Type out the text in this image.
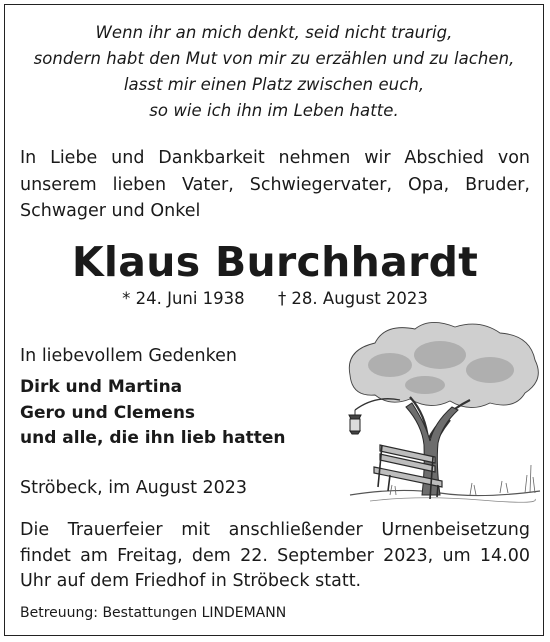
Wenn ihr an mich denkt, seid nicht traurig,
sondern habt den Mut von mir zu erzählen und zu lachen,
lasst mir einen Platz zwischen euch,
so wie ich ihn im Leben hatte.
In Liebe und Dankbarkeit nehmen wir Abschied von unserem lieben Vater, Schwiegervater, Opa, Bruder, Schwager und Onkel
Klaus Burchhardt
* 24. Juni 1938 † 28. August 2023
In liebevollem Gedenken
Dirk und Martina
Gero und Clemens
und alle, die ihn lieb hatten
Ströbeck, im August 2023
Die Trauerfeier mit anschließender Urnenbeisetzung findet am Freitag, dem 22. September 2023, um 14.00 Uhr auf dem Friedhof in Ströbeck statt.
Betreuung: Bestattungen LINDEMANN
